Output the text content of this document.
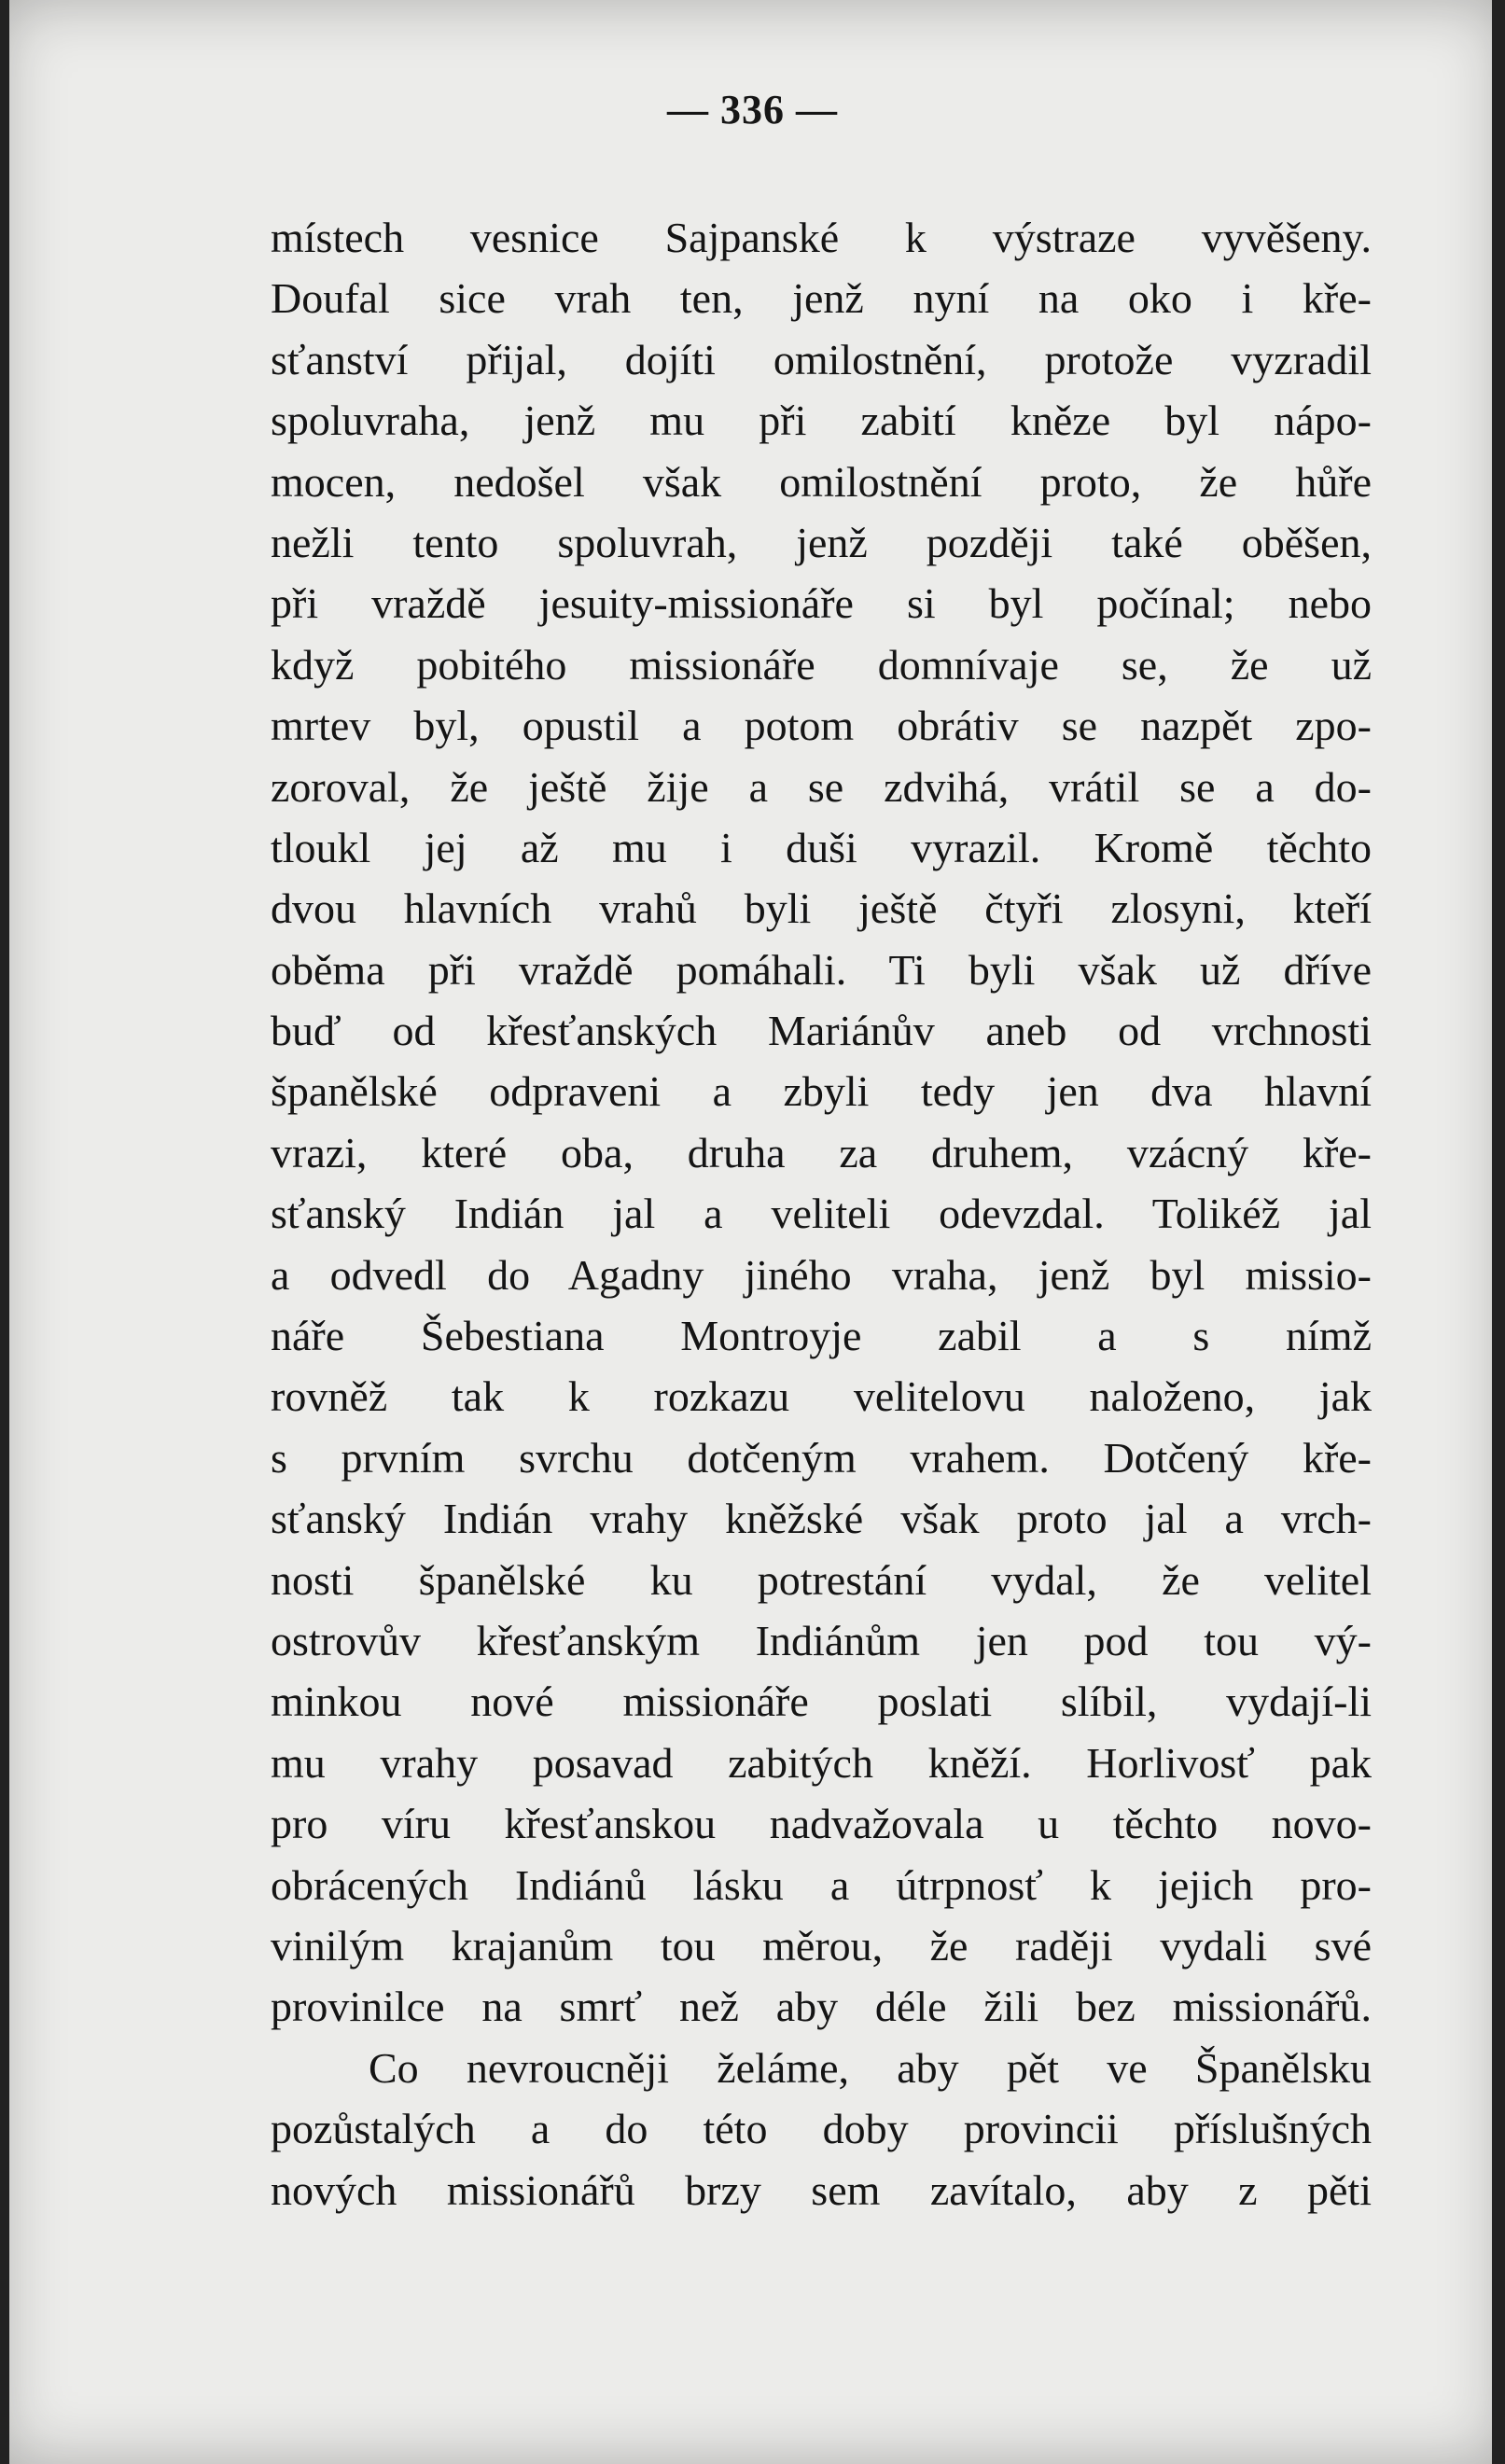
— 336 —
místech vesnice Sajpanské k výstraze vyvěšeny.
Doufal sice vrah ten, jenž nyní na oko i kře-
sťanství přijal, dojíti omilostnění, protože vyzradil
spoluvraha, jenž mu při zabití kněze byl nápo-
mocen, nedošel však omilostnění proto, že hůře
nežli tento spoluvrah, jenž později také oběšen,
při vraždě jesuity-missionáře si byl počínal; nebo
když pobitého missionáře domnívaje se, že už
mrtev byl, opustil a potom obrátiv se nazpět zpo-
zoroval, že ještě žije a se zdvihá, vrátil se a do-
tloukl jej až mu i duši vyrazil. Kromě těchto
dvou hlavních vrahů byli ještě čtyři zlosyni, kteří
oběma při vraždě pomáhali. Ti byli však už dříve
buď od křesťanských Mariánův aneb od vrchnosti
španělské odpraveni a zbyli tedy jen dva hlavní
vrazi, které oba, druha za druhem, vzácný kře-
sťanský Indián jal a veliteli odevzdal. Tolikéž jal
a odvedl do Agadny jiného vraha, jenž byl missio-
náře Šebestiana Montroyje zabil a s nímž
rovněž tak k rozkazu velitelovu naloženo, jak
s prvním svrchu dotčeným vrahem. Dotčený kře-
sťanský Indián vrahy kněžské však proto jal a vrch-
nosti španělské ku potrestání vydal, že velitel
ostrovův křesťanským Indiánům jen pod tou vý-
minkou nové missionáře poslati slíbil, vydají-li
mu vrahy posavad zabitých kněží. Horlivosť pak
pro víru křesťanskou nadvažovala u těchto novo-
obrácených Indiánů lásku a útrpnosť k jejich pro-
vinilým krajanům tou měrou, že raději vydali své
provinilce na smrť než aby déle žili bez missionářů.
Co nevroucněji želáme, aby pět ve Španělsku
pozůstalých a do této doby provincii příslušných
nových missionářů brzy sem zavítalo, aby z pěti
